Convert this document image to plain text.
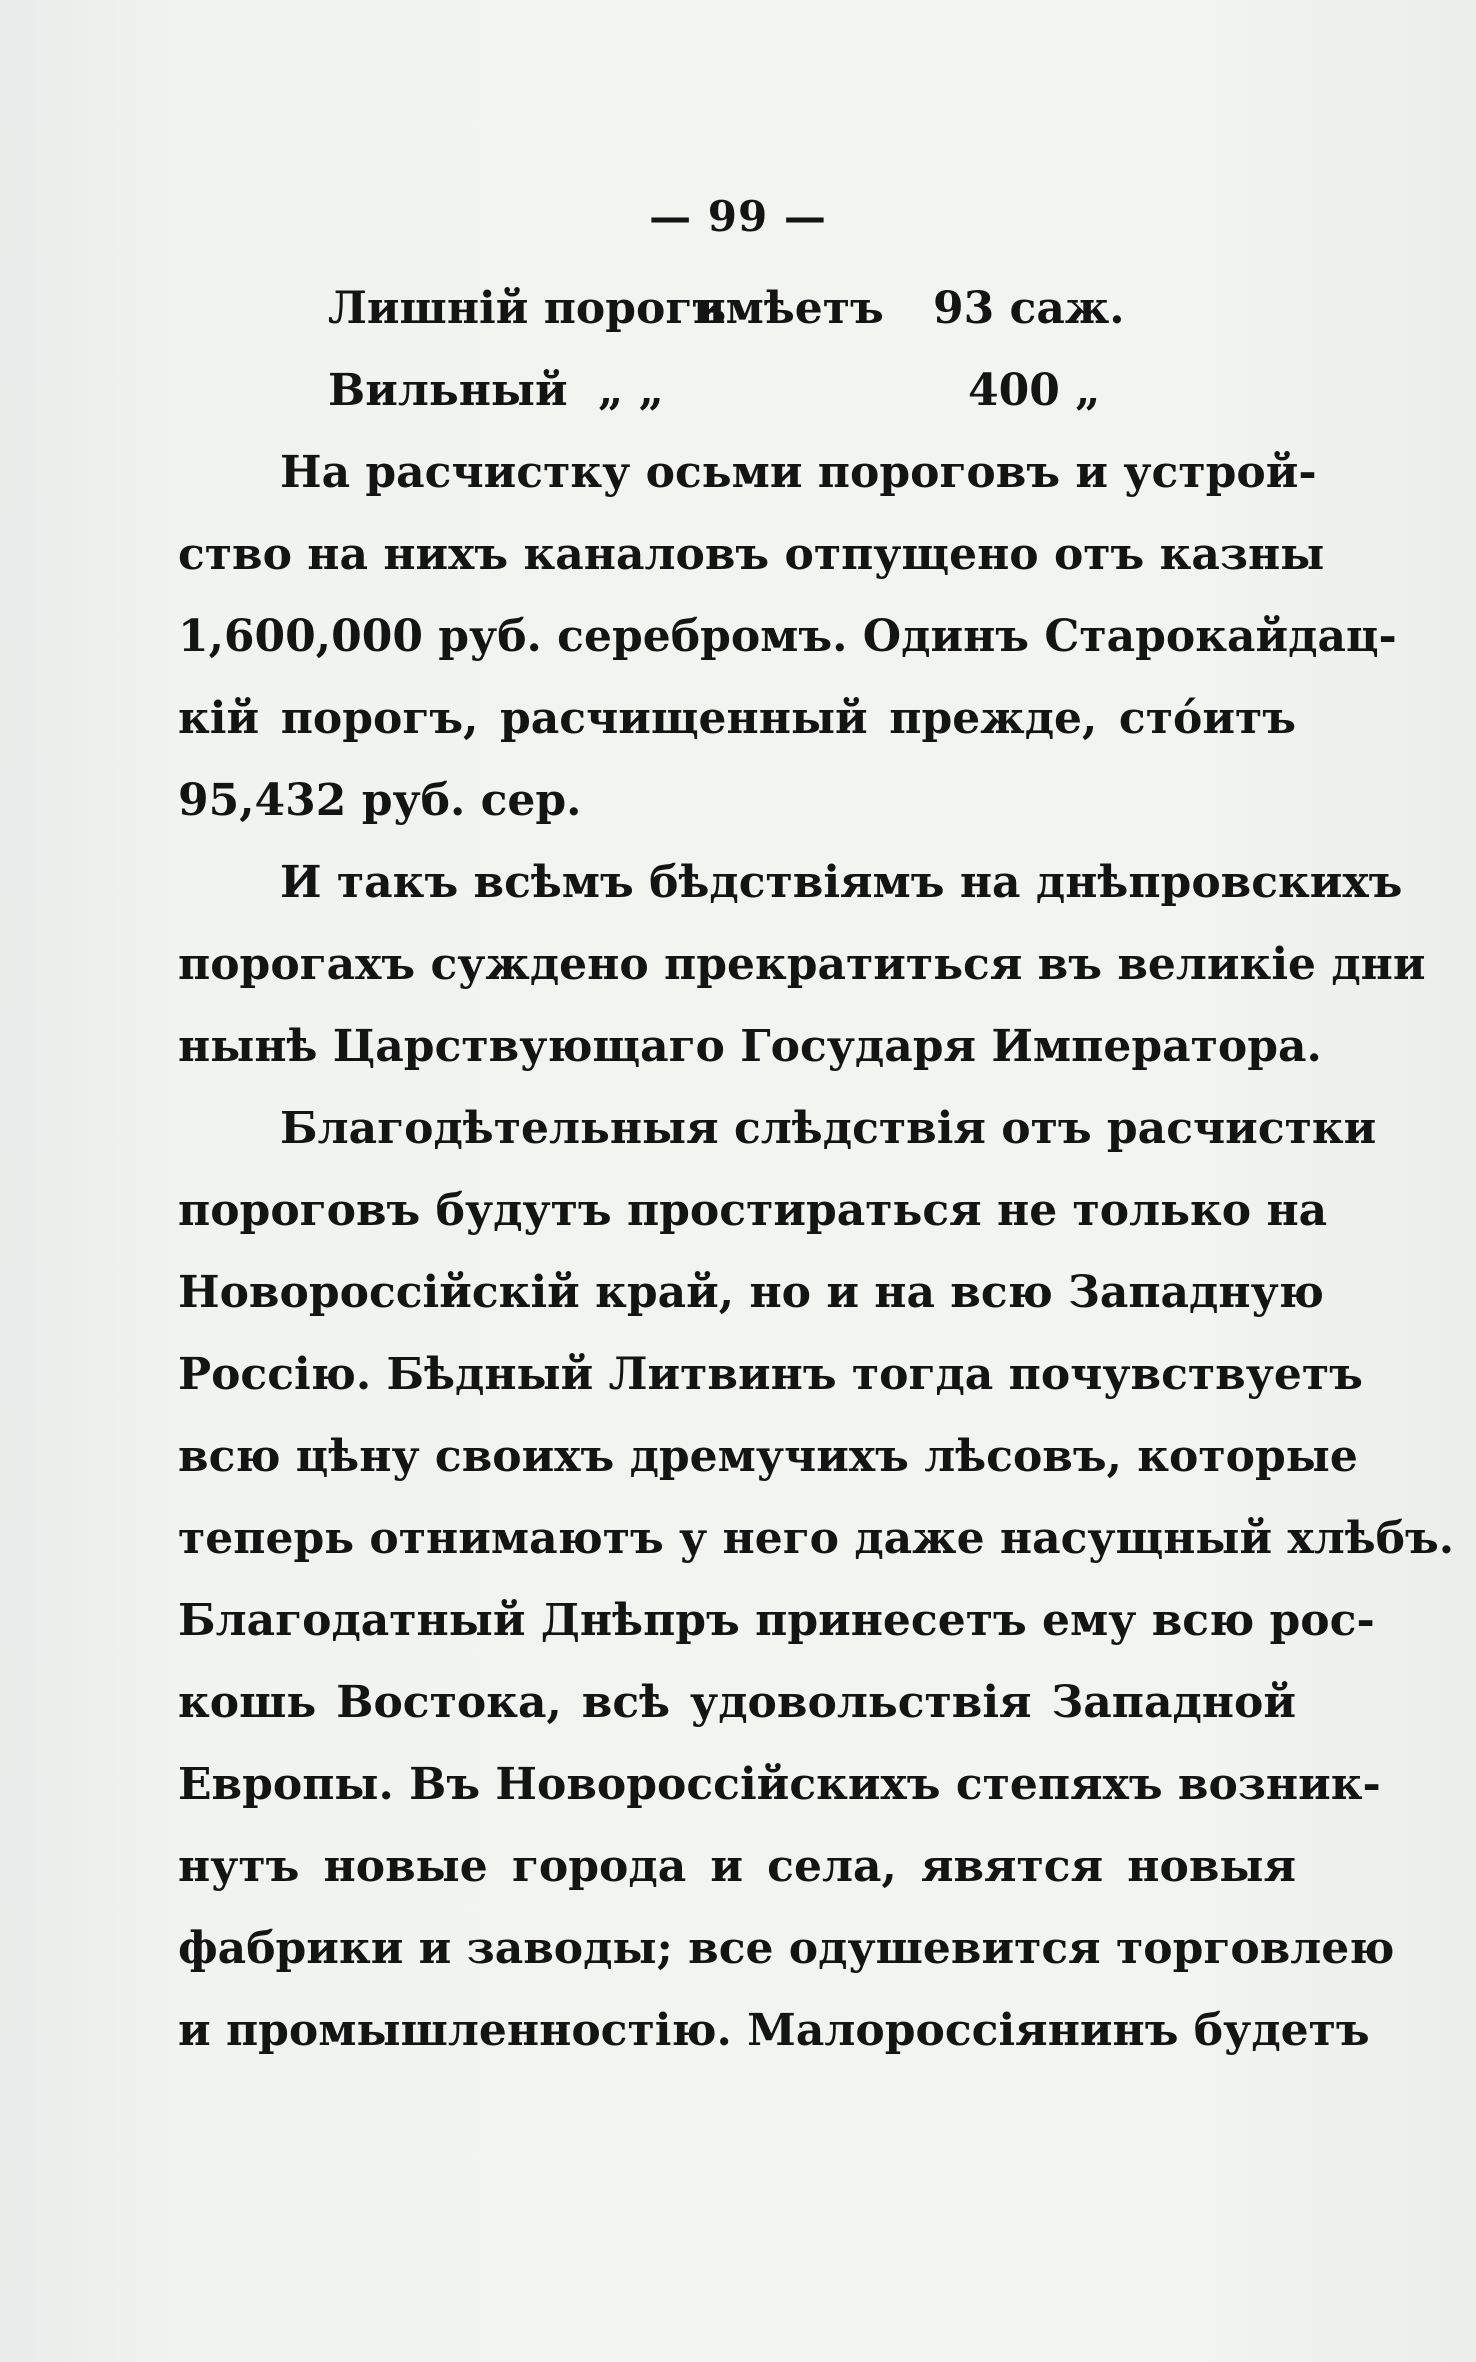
— 99 —
Лишній порогъ
имѣетъ 93 саж.
Вильный „ „	400 „
На расчистку осьми пороговъ и устрой-
ство на нихъ каналовъ отпущено отъ казны
1,600,000 руб. серебромъ. Одинъ Старокайдац-
кій порогъ, расчищенный прежде, стóитъ
95,432 руб. сер.
И такъ всѣмъ бѣдствіямъ на днѣпровскихъ
порогахъ суждено прекратиться въ великіе дни
нынѣ Царствующаго Государя Императора.
Благодѣтельныя слѣдствія отъ расчистки
пороговъ будутъ простираться не только на
Новороссійскій край, но и на всю Западную
Россію. Бѣдный Литвинъ тогда почувствуетъ
всю цѣну своихъ дремучихъ лѣсовъ, которые
теперь отнимаютъ у него даже насущный хлѣбъ.
Благодатный Днѣпръ принесетъ ему всю рос-
кошь Востока, всѣ удовольствія Западной
Европы. Въ Новороссійскихъ степяхъ возник-
нутъ новые города и села, явятся новыя
фабрики и заводы; все одушевится торговлею
и промышленностію. Малороссіянинъ будетъ
